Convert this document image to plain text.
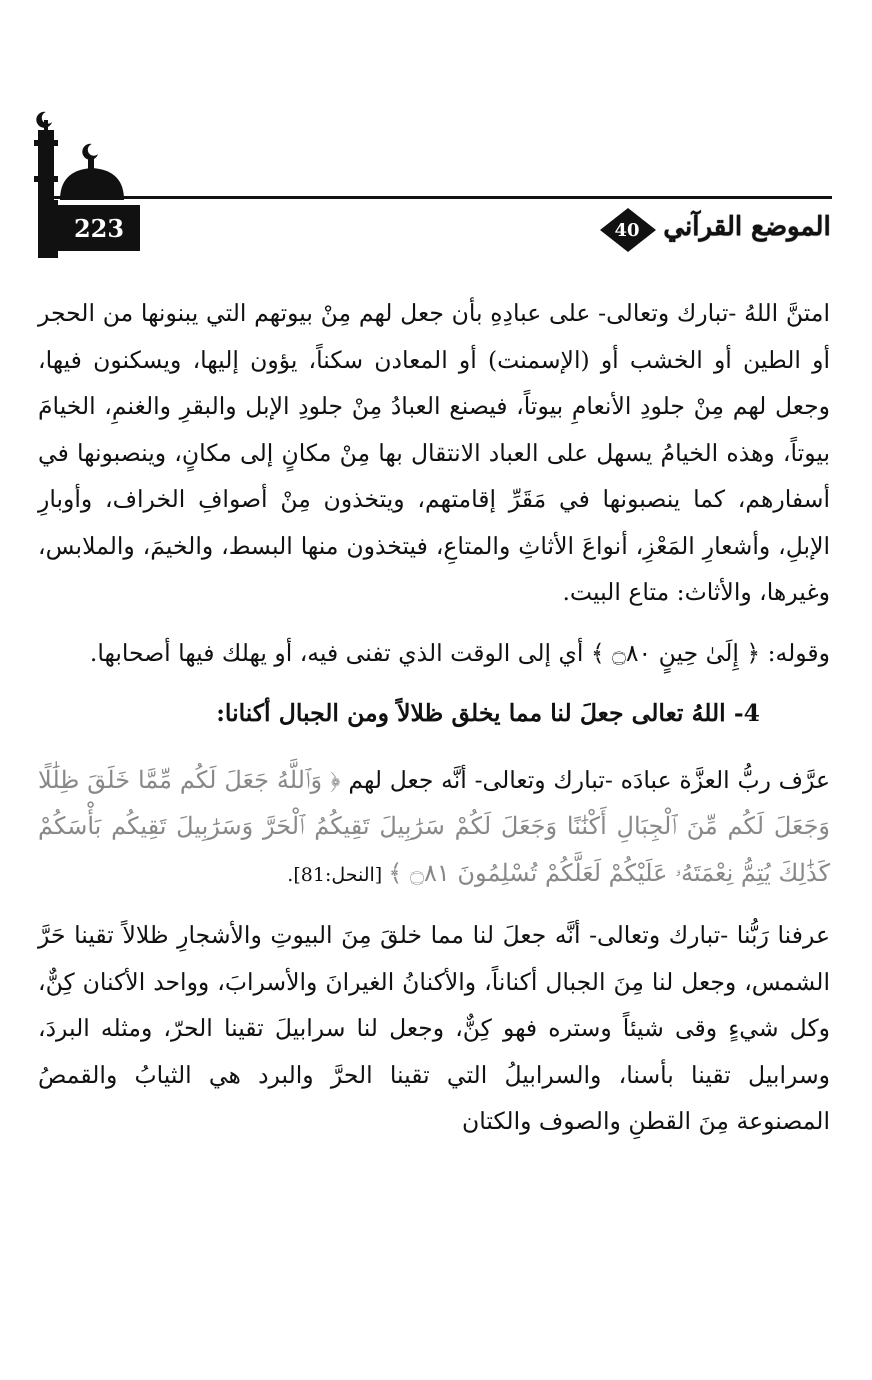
223	40 الموضع القرآني

امتنَّ اللهُ -تبارك وتعالى- على عبادِهِ بأن جعل لهم مِنْ بيوتهم التي يبنونها من الحجر أو الطين أو الخشب أو (الإسمنت) أو المعادن سكناً، يؤون إليها، ويسكنون فيها، وجعل لهم مِنْ جلودِ الأنعامِ بيوتاً، فيصنع العبادُ مِنْ جلودِ الإبل والبقرِ والغنمِ، الخيامَ بيوتاً، وهذه الخيامُ يسهل على العباد الانتقال بها مِنْ مكانٍ إلى مكانٍ، وينصبونها في أسفارهم، كما ينصبونها في مَقَرِّ إقامتهم، ويتخذون مِنْ أصوافِ الخراف، وأوبارِ الإبلِ، وأشعارِ المَعْزِ، أنواعَ الأثاثِ والمتاعِ، فيتخذون منها البسط، والخيمَ، والملابس، وغيرها، والأثاث: متاع البيت.

وقوله: ﴿ إِلَىٰ حِينٍ ۝٨٠ ﴾ أي إلى الوقت الذي تفنى فيه، أو يهلك فيها أصحابها.

4- اللهُ تعالى جعلَ لنا مما يخلق ظلالاً ومن الجبال أكنانا:

عرَّف ربُّ العزَّة عبادَه -تبارك وتعالى- أنَّه جعل لهم ﴿ وَٱللَّهُ جَعَلَ لَكُم مِّمَّا خَلَقَ ظِلَٰلًا وَجَعَلَ لَكُم مِّنَ ٱلْجِبَالِ أَكْنَٰنًا وَجَعَلَ لَكُمْ سَرَٰبِيلَ تَقِيكُمُ ٱلْحَرَّ وَسَرَٰبِيلَ تَقِيكُم بَأْسَكُمْ كَذَٰلِكَ يُتِمُّ نِعْمَتَهُۥ عَلَيْكُمْ لَعَلَّكُمْ تُسْلِمُونَ ۝٨١ ﴾ [النحل:81].

عرفنا رَبُّنا -تبارك وتعالى- أنَّه جعلَ لنا مما خلقَ مِنَ البيوتِ والأشجارِ ظلالاً تقينا حَرَّ الشمس، وجعل لنا مِنَ الجبال أكناناً، والأكنانُ الغيرانَ والأسرابَ، وواحد الأكنان كِنٌّ، وكل شيءٍ وقى شيئاً وستره فهو كِنٌّ، وجعل لنا سرابيلَ تقينا الحرّ، ومثله البردَ، وسرابيل تقينا بأسنا، والسرابيلُ التي تقينا الحرَّ والبرد هي الثيابُ والقمصُ المصنوعة مِنَ القطنِ والصوف والكتان
